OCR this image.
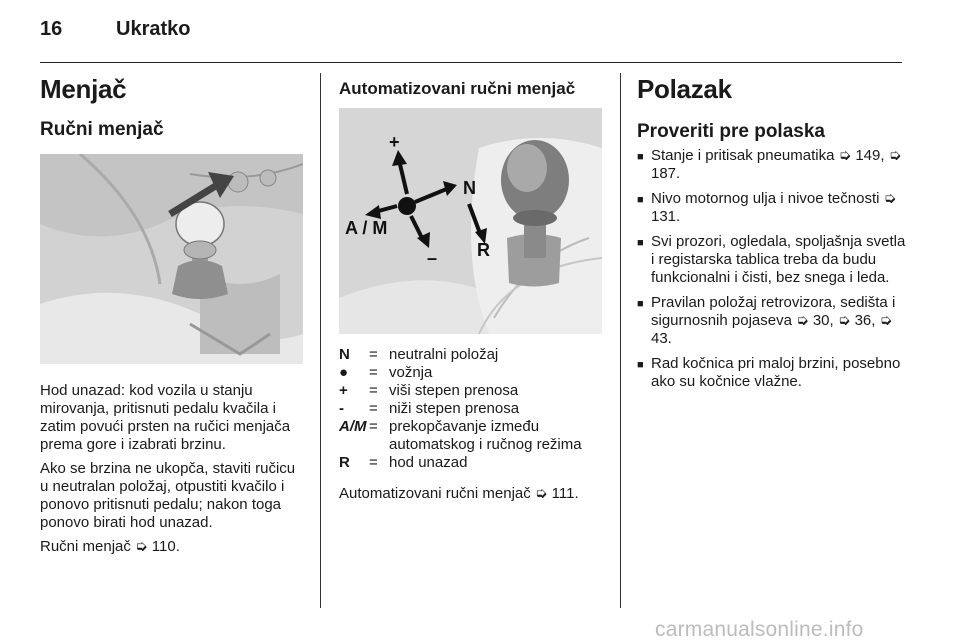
16	Ukratko
Menjač
Ručni menjač

Hod unazad: kod vozila u stanju mirovanja, pritisnuti pedalu kvačila i zatim povući prsten na ručici menjača prema gore i izabrati brzinu.

Ako se brzina ne ukopča, staviti ručicu u neutralan položaj, otpustiti kvačilo i ponovo pritisnuti pedalu; nakon toga ponovo birati hod unazad.

Ručni menjač ➭ 110.

Automatizovani ručni menjač
+
–
N
R
A / M
N	= neutralni položaj
●	= vožnja
+	= viši stepen prenosa
-	= niži stepen prenosa
A/M = prekopčavanje između automatskog i ručnog režima
R	= hod unazad

Automatizovani ručni menjač ➭ 111.

Polazak
Proveriti pre polaska
■ Stanje i pritisak pneumatika ➭ 149, ➭ 187.
■ Nivo motornog ulja i nivoe tečnosti ➭ 131.
■ Svi prozori, ogledala, spoljašnja svetla i registarska tablica treba da budu funkcionalni i čisti, bez snega i leda.
■ Pravilan položaj retrovizora, sedišta i sigurnosnih pojaseva ➭ 30, ➭ 36, ➭ 43.
■ Rad kočnica pri maloj brzini, posebno ako su kočnice vlažne.
carmanualsonline.info
